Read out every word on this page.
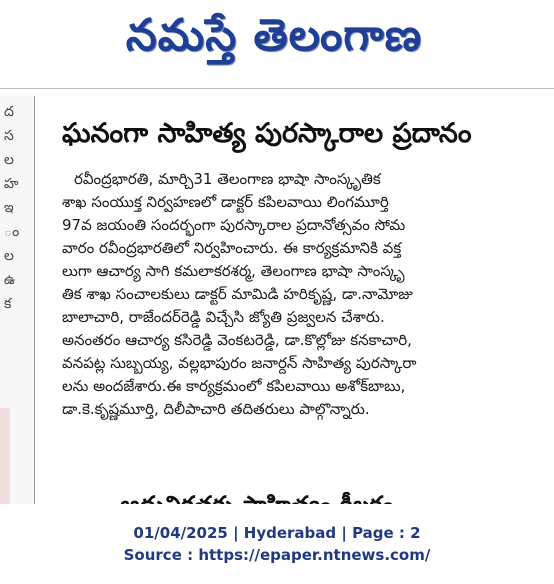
నమస్తే తెలంగాణ
ద
స
ల
హ
ఇ
ం
ల
ఉ
క
ఘనంగా సాహిత్య పురస్కారాల ప్రదానం
రవీంద్రభారతి, మార్చి31 తెలంగాణ భాషా సాంస్కృతిక
శాఖ సంయుక్త నిర్వహణలో డాక్టర్ కపిలవాయి లింగమూర్తి
97వ జయంతి సందర్భంగా పురస్కారాల ప్రదానోత్సవం సోమ
వారం రవీంద్రభారతిలో నిర్వహించారు. ఈ కార్యక్రమానికి వక్త
లుగా ఆచార్య సాగి కమలాకరశర్మ, తెలంగాణ భాషా సాంస్కృ
తిక శాఖ సంచాలకులు డాక్టర్ మామిడి హరికృష్ణ, డా.నామోజు
బాలాచారి, రాజేందర్‌రెడ్డి విచ్చేసి జ్యోతి ప్రజ్వలన చేశారు.
అనంతరం ఆచార్య కసిరెడ్డి వెంకటరెడ్డి, డా.కొల్లోజు కనకాచారి,
వనపట్ల సుబ్బయ్య, వల్లభాపురం జనార్దన్ సాహిత్య పురస్కారా
లను అందజేశారు.ఈ కార్యక్రమంలో కపిలవాయి అశోక్‌బాబు,
డా.కె.కృష్ణమూర్తి, దిలీపాచారి తదితరులు పాల్గొన్నారు.
01/04/2025 | Hyderabad | Page : 2
Source : https://epaper.ntnews.com/
